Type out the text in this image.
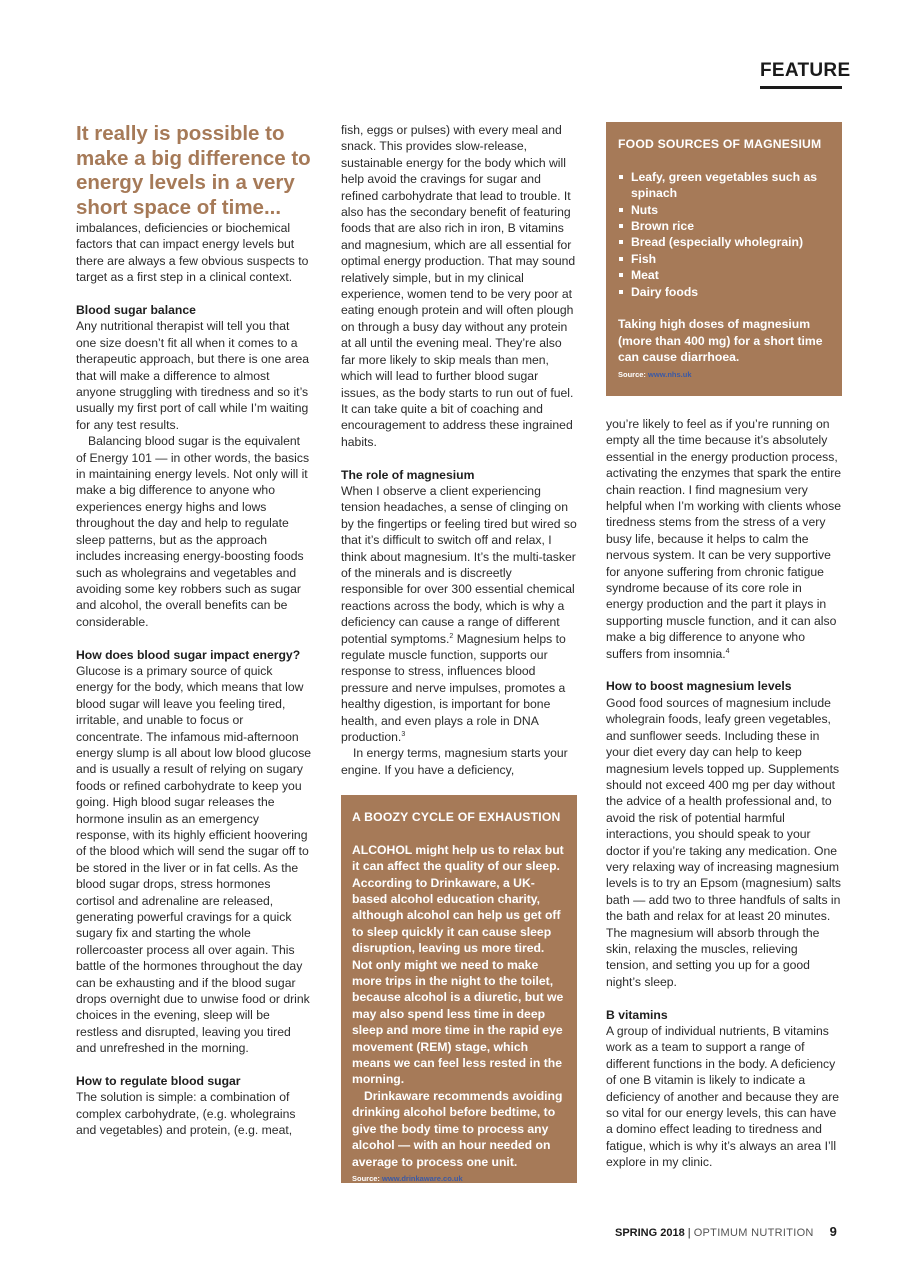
FEATURE

It really is possible to make a big difference to energy levels in a very short space of time...

imbalances, deficiencies or biochemical factors that can impact energy levels but there are always a few obvious suspects to target as a first step in a clinical context.

Blood sugar balance

Any nutritional therapist will tell you that one size doesn’t fit all when it comes to a therapeutic approach, but there is one area that will make a difference to almost anyone struggling with tiredness and so it’s usually my first port of call while I’m waiting for any test results.

Balancing blood sugar is the equivalent of Energy 101 — in other words, the basics in maintaining energy levels. Not only will it make a big difference to anyone who experiences energy highs and lows throughout the day and help to regulate sleep patterns, but as the approach includes increasing energy-boosting foods such as wholegrains and vegetables and avoiding some key robbers such as sugar and alcohol, the overall benefits can be considerable.

How does blood sugar impact energy?

Glucose is a primary source of quick energy for the body, which means that low blood sugar will leave you feeling tired, irritable, and unable to focus or concentrate. The infamous mid-afternoon energy slump is all about low blood glucose and is usually a result of relying on sugary foods or refined carbohydrate to keep you going. High blood sugar releases the hormone insulin as an emergency response, with its highly efficient hoovering of the blood which will send the sugar off to be stored in the liver or in fat cells. As the blood sugar drops, stress hormones cortisol and adrenaline are released, generating powerful cravings for a quick sugary fix and starting the whole rollercoaster process all over again. This battle of the hormones throughout the day can be exhausting and if the blood sugar drops overnight due to unwise food or drink choices in the evening, sleep will be restless and disrupted, leaving you tired and unrefreshed in the morning.

How to regulate blood sugar

The solution is simple: a combination of complex carbohydrate, (e.g. wholegrains and vegetables) and protein, (e.g. meat,

fish, eggs or pulses) with every meal and snack. This provides slow-release, sustainable energy for the body which will help avoid the cravings for sugar and refined carbohydrate that lead to trouble. It also has the secondary benefit of featuring foods that are also rich in iron, B vitamins and magnesium, which are all essential for optimal energy production. That may sound relatively simple, but in my clinical experience, women tend to be very poor at eating enough protein and will often plough on through a busy day without any protein at all until the evening meal. They’re also far more likely to skip meals than men, which will lead to further blood sugar issues, as the body starts to run out of fuel. It can take quite a bit of coaching and encouragement to address these ingrained habits.

The role of magnesium

When I observe a client experiencing tension headaches, a sense of clinging on by the fingertips or feeling tired but wired so that it’s difficult to switch off and relax, I think about magnesium. It’s the multi-tasker of the minerals and is discreetly responsible for over 300 essential chemical reactions across the body, which is why a deficiency can cause a range of different potential symptoms.$^2$ Magnesium helps to regulate muscle function, supports our response to stress, influences blood pressure and nerve impulses, promotes a healthy digestion, is important for bone health, and even plays a role in DNA production.$^3$

In energy terms, magnesium starts your engine. If you have a deficiency,

FOOD SOURCES OF MAGNESIUM
Leafy, green vegetables such as spinach
Nuts
Brown rice
Bread (especially wholegrain)
Fish
Meat
Dairy foods

Taking high doses of magnesium (more than 400 mg) for a short time can cause diarrhoea.

Source: www.nhs.uk

A BOOZY CYCLE OF EXHAUSTION

ALCOHOL might help us to relax but it can affect the quality of our sleep. According to Drinkaware, a UK-based alcohol education charity, although alcohol can help us get off to sleep quickly it can cause sleep disruption, leaving us more tired. Not only might we need to make more trips in the night to the toilet, because alcohol is a diuretic, but we may also spend less time in deep sleep and more time in the rapid eye movement (REM) stage, which means we can feel less rested in the morning.

Drinkaware recommends avoiding drinking alcohol before bedtime, to give the body time to process any alcohol — with an hour needed on average to process one unit.

Source: www.drinkaware.co.uk

you’re likely to feel as if you’re running on empty all the time because it’s absolutely essential in the energy production process, activating the enzymes that spark the entire chain reaction. I find magnesium very helpful when I’m working with clients whose tiredness stems from the stress of a very busy life, because it helps to calm the nervous system. It can be very supportive for anyone suffering from chronic fatigue syndrome because of its core role in energy production and the part it plays in supporting muscle function, and it can also make a big difference to anyone who suffers from insomnia.$^4$

How to boost magnesium levels

Good food sources of magnesium include wholegrain foods, leafy green vegetables, and sunflower seeds. Including these in your diet every day can help to keep magnesium levels topped up. Supplements should not exceed 400 mg per day without the advice of a health professional and, to avoid the risk of potential harmful interactions, you should speak to your doctor if you’re taking any medication. One very relaxing way of increasing magnesium levels is to try an Epsom (magnesium) salts bath — add two to three handfuls of salts in the bath and relax for at least 20 minutes. The magnesium will absorb through the skin, relaxing the muscles, relieving tension, and setting you up for a good night’s sleep.

B vitamins

A group of individual nutrients, B vitamins work as a team to support a range of different functions in the body. A deficiency of one B vitamin is likely to indicate a deficiency of another and because they are so vital for our energy levels, this can have a domino effect leading to tiredness and fatigue, which is why it’s always an area I’ll explore in my clinic.

SPRING 2018 | OPTIMUM NUTRITION 9
